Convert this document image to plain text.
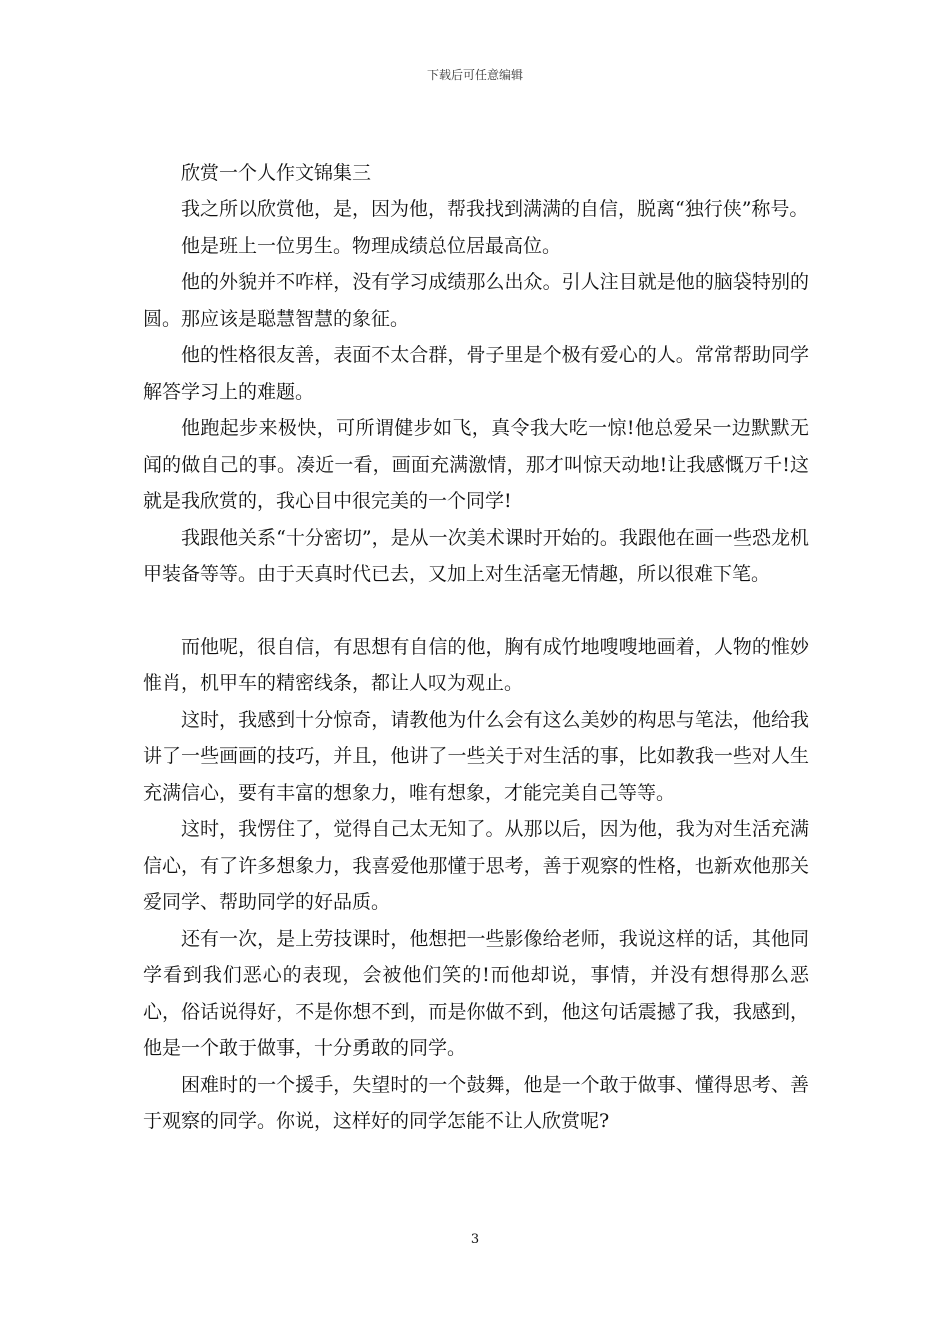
下载后可任意编辑

欣赏一个人作文锦集三

我之所以欣赏他，是，因为他，帮我找到满满的自信，脱离“独行侠”称号。

他是班上一位男生。物理成绩总位居最高位。

他的外貌并不咋样，没有学习成绩那么出众。引人注目就是他的脑袋特别的圆。那应该是聪慧智慧的象征。

他的性格很友善，表面不太合群，骨子里是个极有爱心的人。常常帮助同学解答学习上的难题。

他跑起步来极快，可所谓健步如飞，真令我大吃一惊!他总爱呆一边默默无闻的做自己的事。凑近一看，画面充满激情，那才叫惊天动地!让我感慨万千!这就是我欣赏的，我心目中很完美的一个同学!

我跟他关系“十分密切”，是从一次美术课时开始的。我跟他在画一些恐龙机甲装备等等。由于天真时代已去，又加上对生活毫无情趣，所以很难下笔。

而他呢，很自信，有思想有自信的他，胸有成竹地嗖嗖地画着，人物的惟妙惟肖，机甲车的精密线条，都让人叹为观止。

这时，我感到十分惊奇，请教他为什么会有这么美妙的构思与笔法，他给我讲了一些画画的技巧，并且，他讲了一些关于对生活的事，比如教我一些对人生充满信心，要有丰富的想象力，唯有想象，才能完美自己等等。

这时，我愣住了，觉得自己太无知了。从那以后，因为他，我为对生活充满信心，有了许多想象力，我喜爱他那懂于思考，善于观察的性格，也新欢他那关爱同学、帮助同学的好品质。

还有一次，是上劳技课时，他想把一些影像给老师，我说这样的话，其他同学看到我们恶心的表现，会被他们笑的!而他却说，事情，并没有想得那么恶心，俗话说得好，不是你想不到，而是你做不到，他这句话震撼了我，我感到，他是一个敢于做事，十分勇敢的同学。

困难时的一个援手，失望时的一个鼓舞，他是一个敢于做事、懂得思考、善于观察的同学。你说，这样好的同学怎能不让人欣赏呢?

3
